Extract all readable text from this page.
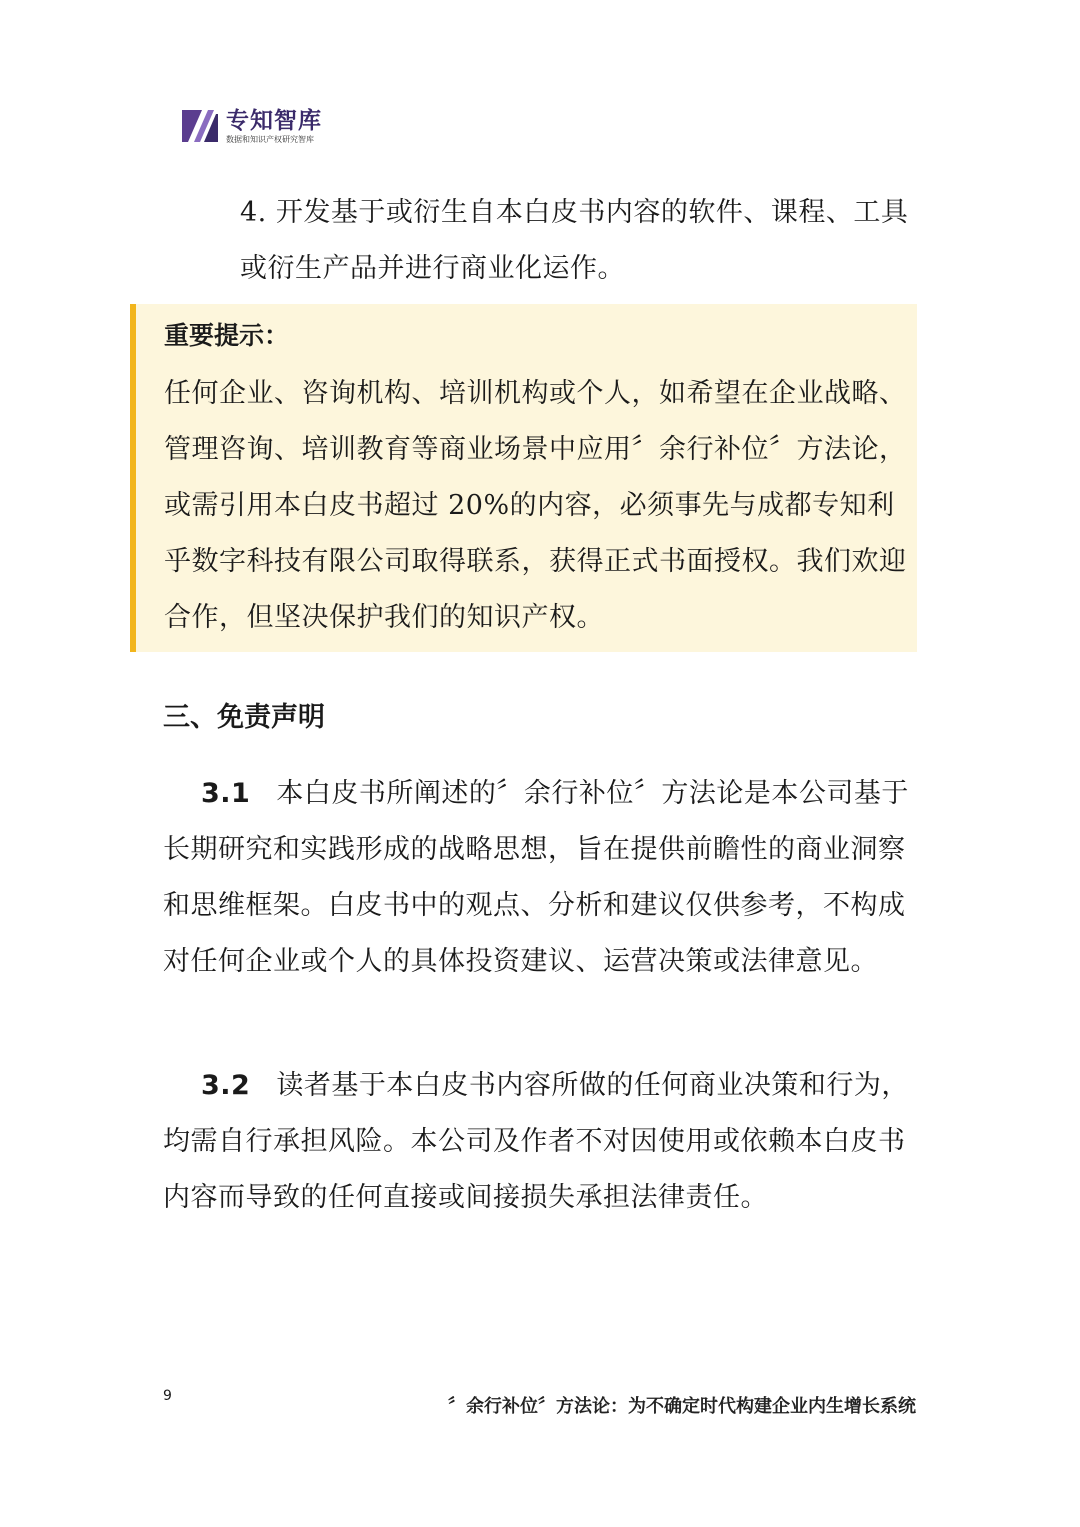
专知智库
数据和知识产权研究智库
4. 开发基于或衍生自本白皮书内容的软件、课程、工具或衍生产品并进行商业化运作。
重要提示：
任何企业、咨询机构、培训机构或个人，如希望在企业战略、管理咨询、培训教育等商业场景中应用〞余行补位〞方法论，或需引用本白皮书超过 20%的内容，必须事先与成都专知利乎数字科技有限公司取得联系，获得正式书面授权。我们欢迎合作，但坚决保护我们的知识产权。
三、免责声明
3.1 本白皮书所阐述的〞余行补位〞方法论是本公司基于长期研究和实践形成的战略思想，旨在提供前瞻性的商业洞察和思维框架。白皮书中的观点、分析和建议仅供参考，不构成对任何企业或个人的具体投资建议、运营决策或法律意见。
3.2 读者基于本白皮书内容所做的任何商业决策和行为，均需自行承担风险。本公司及作者不对因使用或依赖本白皮书内容而导致的任何直接或间接损失承担法律责任。
9	〞余行补位〞方法论：为不确定时代构建企业内生增长系统
